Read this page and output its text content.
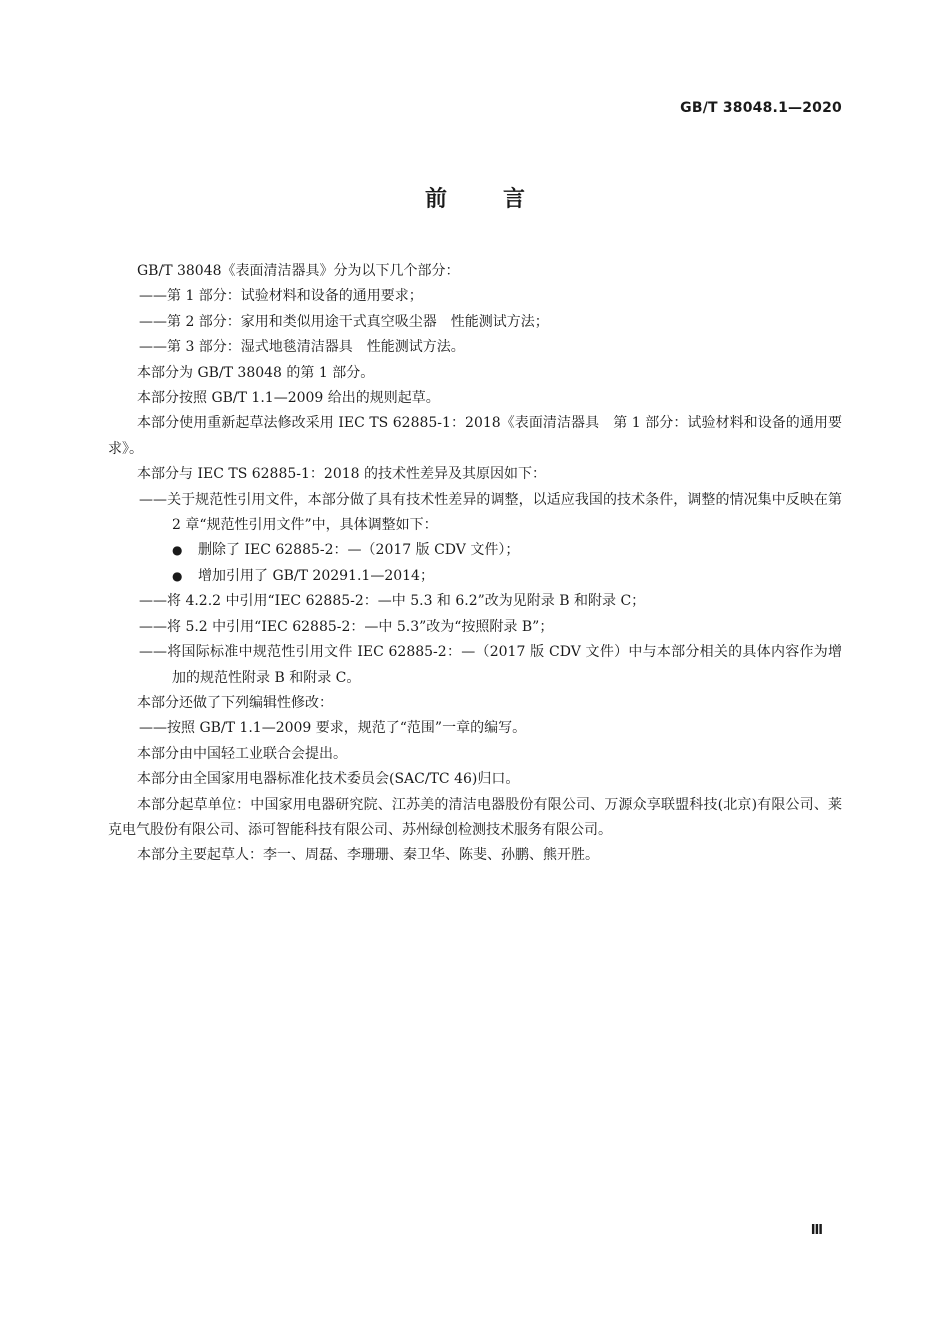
GB/T 38048.1—2020
前言

GB/T 38048《表面清洁器具》分为以下几个部分：

——第 1 部分：试验材料和设备的通用要求；

——第 2 部分：家用和类似用途干式真空吸尘器　性能测试方法；

——第 3 部分：湿式地毯清洁器具　性能测试方法。

本部分为 GB/T 38048 的第 1 部分。

本部分按照 GB/T 1.1—2009 给出的规则起草。

本部分使用重新起草法修改采用 IEC TS 62885-1：2018《表面清洁器具　第 1 部分：试验材料和设备的通用要求》。

本部分与 IEC TS 62885-1：2018 的技术性差异及其原因如下：

——关于规范性引用文件，本部分做了具有技术性差异的调整，以适应我国的技术条件，调整的情况集中反映在第 2 章“规范性引用文件”中，具体调整如下：

● 删除了 IEC 62885-2：—（2017 版 CDV 文件）；

● 增加引用了 GB/T 20291.1—2014；

——将 4.2.2 中引用“IEC 62885-2：—中 5.3 和 6.2”改为见附录 B 和附录 C；

——将 5.2 中引用“IEC 62885-2：—中 5.3”改为“按照附录 B”；

——将国际标准中规范性引用文件 IEC 62885-2：—（2017 版 CDV 文件）中与本部分相关的具体内容作为增加的规范性附录 B 和附录 C。

本部分还做了下列编辑性修改：

——按照 GB/T 1.1—2009 要求，规范了“范围”一章的编写。

本部分由中国轻工业联合会提出。

本部分由全国家用电器标准化技术委员会(SAC/TC 46)归口。

本部分起草单位：中国家用电器研究院、江苏美的清洁电器股份有限公司、万源众享联盟科技(北京)有限公司、莱克电气股份有限公司、添可智能科技有限公司、苏州绿创检测技术服务有限公司。

本部分主要起草人：李一、周磊、李珊珊、秦卫华、陈斐、孙鹏、熊开胜。

Ⅲ
